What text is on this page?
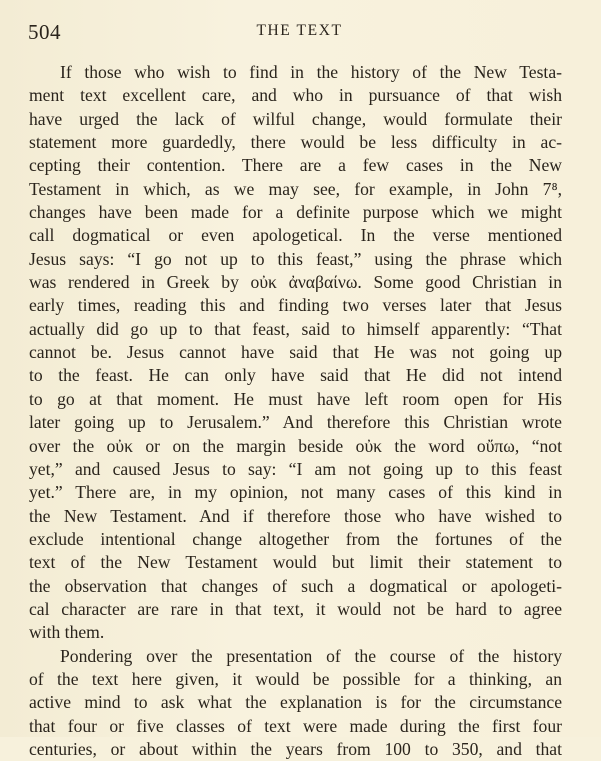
504	THE TEXT
If those who wish to find in the history of the New Testa-
ment text excellent care, and who in pursuance of that wish
have urged the lack of wilful change, would formulate their
statement more guardedly, there would be less difficulty in ac-
cepting their contention. There are a few cases in the New
Testament in which, as we may see, for example, in John 7⁸,
changes have been made for a definite purpose which we might
call dogmatical or even apologetical. In the verse mentioned
Jesus says: “I go not up to this feast,” using the phrase which
was rendered in Greek by οὐκ ἀναβαίνω. Some good Christian in
early times, reading this and finding two verses later that Jesus
actually did go up to that feast, said to himself apparently: “That
cannot be. Jesus cannot have said that He was not going up
to the feast. He can only have said that He did not intend
to go at that moment. He must have left room open for His
later going up to Jerusalem.” And therefore this Christian wrote
over the οὐκ or on the margin beside οὐκ the word οὔπω, “not
yet,” and caused Jesus to say: “I am not going up to this feast
yet.” There are, in my opinion, not many cases of this kind in
the New Testament. And if therefore those who have wished to
exclude intentional change altogether from the fortunes of the
text of the New Testament would but limit their statement to
the observation that changes of such a dogmatical or apologeti-
cal character are rare in that text, it would not be hard to agree
with them.
Pondering over the presentation of the course of the history
of the text here given, it would be possible for a thinking, an
active mind to ask what the explanation is for the circumstance
that four or five classes of text were made during the first four
centuries, or about within the years from 100 to 350, and that
